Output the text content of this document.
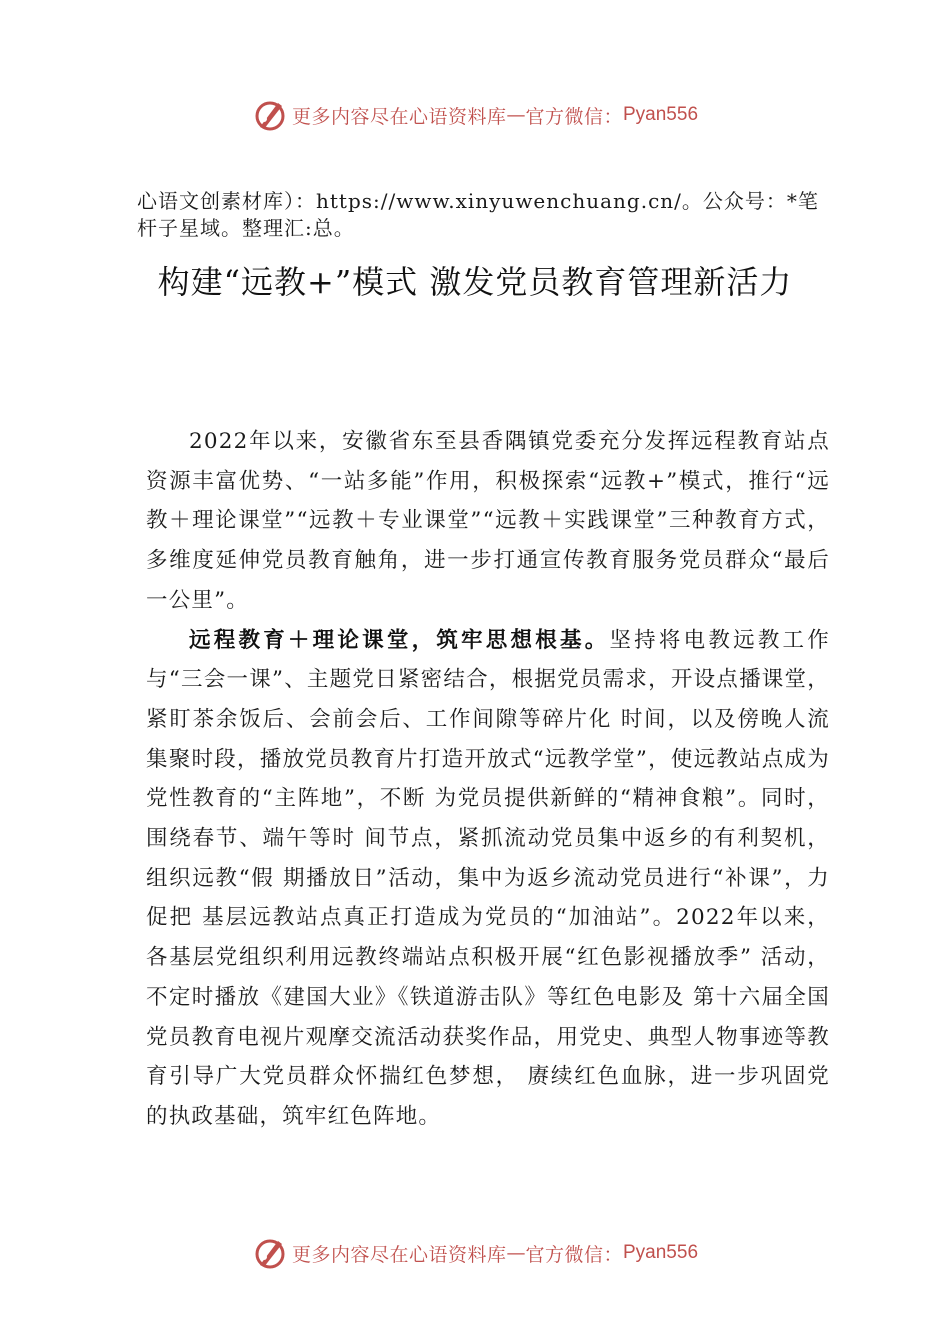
更多内容尽在心语资料库 — 官方微信： Pyan556
心语文创素材库）：https://www.xinyuwenchuang.cn/。公众号：*笔杆子星域。整理汇:总。
构建“远教+”模式 激发党员教育管理新活力

2022年以来，安徽省东至县香隅镇党委充分发挥远程教育站点资源丰富优势、“一站多能”作用，积极探索“远教+”模式，推行“远教＋理论课堂”“远教＋专业课堂”“远教＋实践课堂”三种教育方式，多维度延伸党员教育触角，进一步打通宣传教育服务党员群众“最后一公里”。

远程教育＋理论课堂，筑牢思想根基。坚持将电教远教工作与“三会一课”、主题党日紧密结合，根据党员需求，开设点播课堂，紧盯茶余饭后、会前会后、工作间隙等碎片化 时间，以及傍晚人流集聚时段，播放党员教育片打造开放式“远教学堂”，使远教站点成为党性教育的“主阵地”，不断 为党员提供新鲜的“精神食粮”。同时，围绕春节、端午等时 间节点，紧抓流动党员集中返乡的有利契机，组织远教“假 期播放日”活动，集中为返乡流动党员进行“补课”，力促把 基层远教站点真正打造成为党员的“加油站”。2022年以来， 各基层党组织利用远教终端站点积极开展“红色影视播放季” 活动，不定时播放《建国大业》《铁道游击队》等红色电影及 第十六届全国党员教育电视片观摩交流活动获奖作品，用党史、典型人物事迹等教育引导广大党员群众怀揣红色梦想， 赓续红色血脉，进一步巩固党的执政基础，筑牢红色阵地。

更多内容尽在心语资料库 — 官方微信： Pyan556
